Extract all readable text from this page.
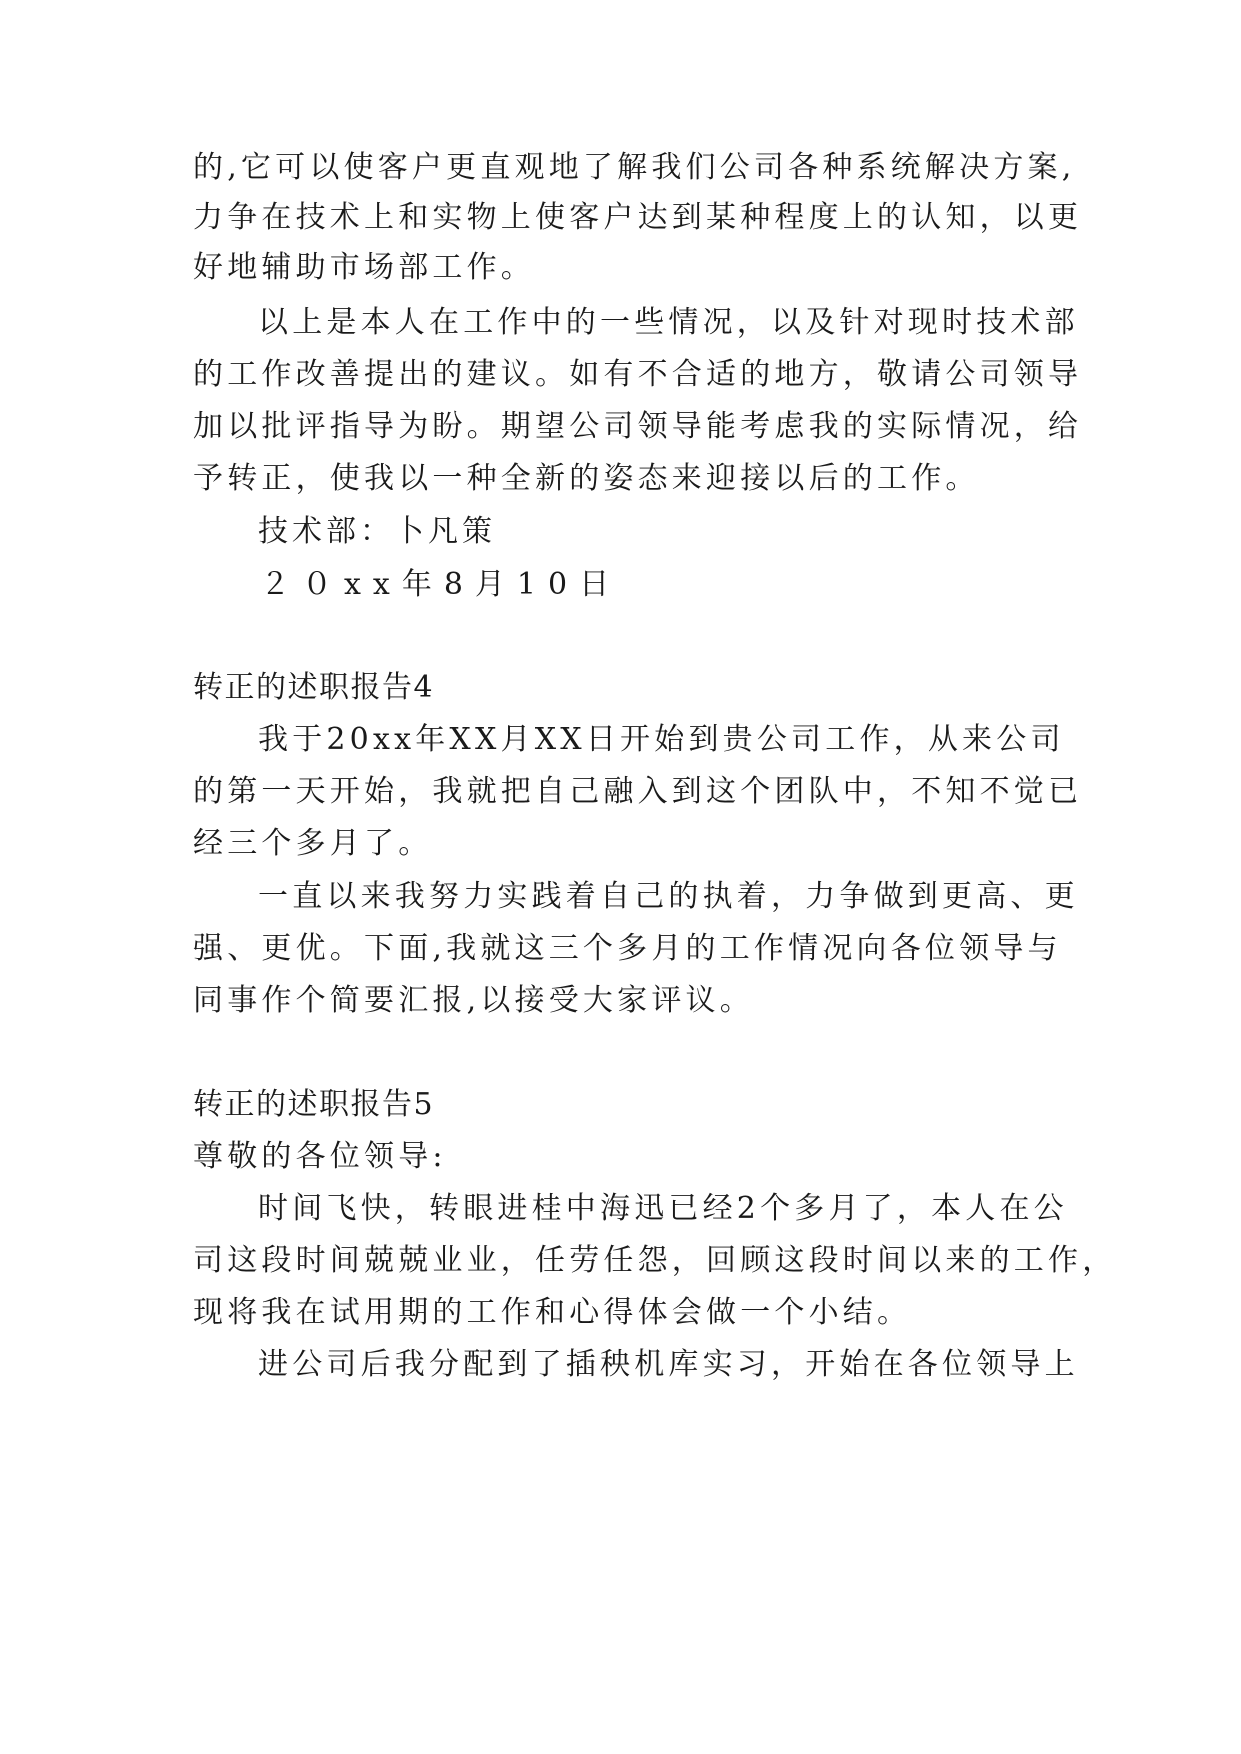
的,它可以使客户更直观地了解我们公司各种系统解决方案,

力争在技术上和实物上使客户达到某种程度上的认知，以更

好地辅助市场部工作。

以上是本人在工作中的一些情况，以及针对现时技术部

的工作改善提出的建议。如有不合适的地方，敬请公司领导

加以批评指导为盼。期望公司领导能考虑我的实际情况，给

予转正，使我以一种全新的姿态来迎接以后的工作。

技术部：卜凡策

２０xx年8月10日

转正的述职报告4

我于20xx年XX月XX日开始到贵公司工作，从来公司

的第一天开始，我就把自己融入到这个团队中，不知不觉已

经三个多月了。

一直以来我努力实践着自己的执着，力争做到更高、更

强、更优。下面,我就这三个多月的工作情况向各位领导与

同事作个简要汇报,以接受大家评议。

转正的述职报告5

尊敬的各位领导:

时间飞快，转眼进桂中海迅已经2个多月了，本人在公

司这段时间兢兢业业，任劳任怨，回顾这段时间以来的工作，

现将我在试用期的工作和心得体会做一个小结。

进公司后我分配到了插秧机库实习，开始在各位领导上
